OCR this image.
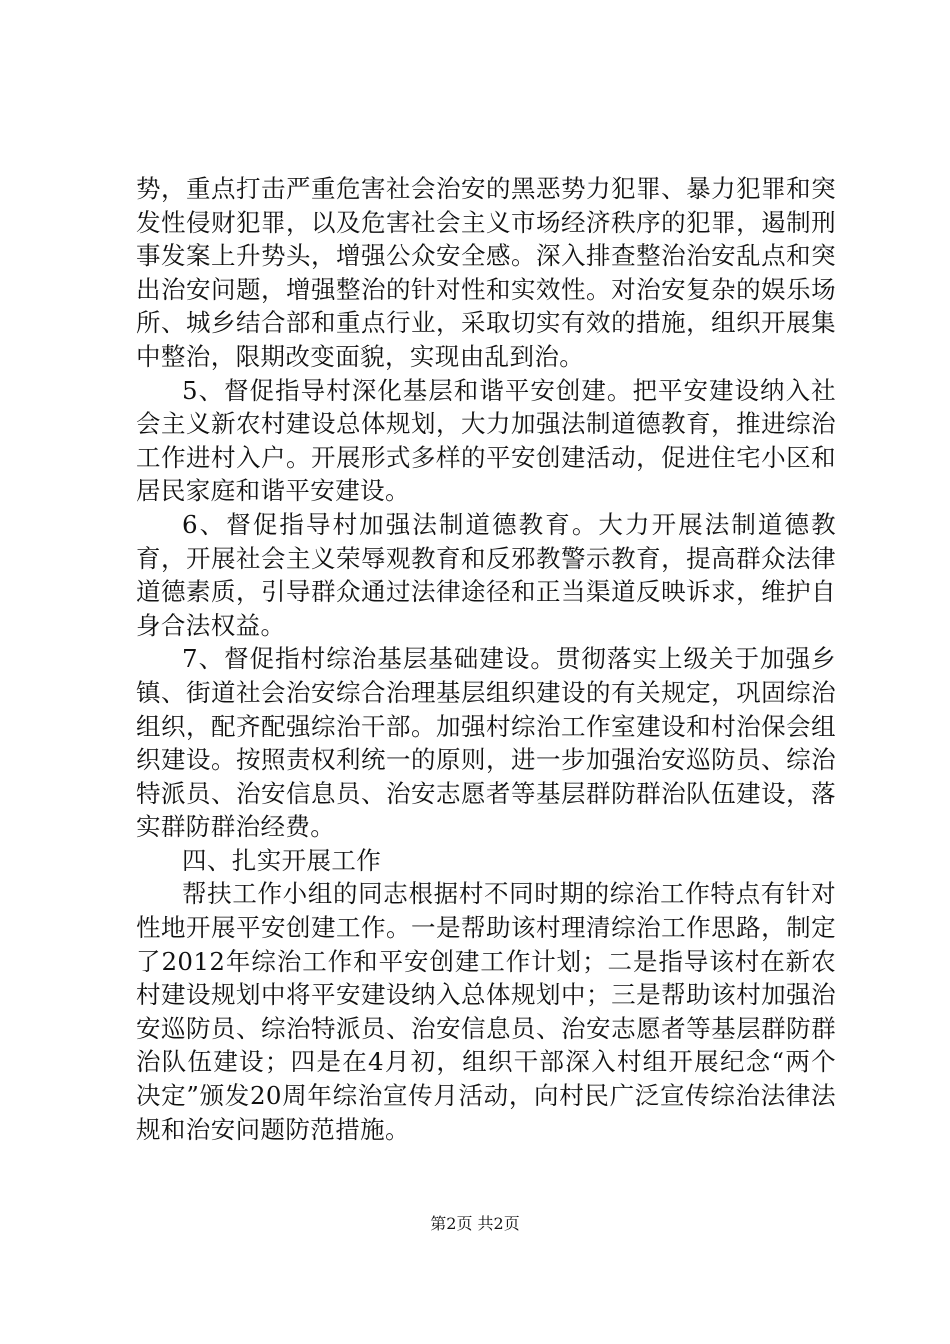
势，重点打击严重危害社会治安的黑恶势力犯罪、暴力犯罪和突发性侵财犯罪，以及危害社会主义市场经济秩序的犯罪，遏制刑事发案上升势头，增强公众安全感。深入排查整治治安乱点和突出治安问题，增强整治的针对性和实效性。对治安复杂的娱乐场所、城乡结合部和重点行业，采取切实有效的措施，组织开展集中整治，限期改变面貌，实现由乱到治。

5、督促指导村深化基层和谐平安创建。把平安建设纳入社会主义新农村建设总体规划，大力加强法制道德教育，推进综治工作进村入户。开展形式多样的平安创建活动，促进住宅小区和居民家庭和谐平安建设。

6、督促指导村加强法制道德教育。大力开展法制道德教育，开展社会主义荣辱观教育和反邪教警示教育，提高群众法律道德素质，引导群众通过法律途径和正当渠道反映诉求，维护自身合法权益。

7、督促指村综治基层基础建设。贯彻落实上级关于加强乡镇、街道社会治安综合治理基层组织建设的有关规定，巩固综治组织，配齐配强综治干部。加强村综治工作室建设和村治保会组织建设。按照责权利统一的原则，进一步加强治安巡防员、综治特派员、治安信息员、治安志愿者等基层群防群治队伍建设，落实群防群治经费。

四、扎实开展工作

帮扶工作小组的同志根据村不同时期的综治工作特点有针对性地开展平安创建工作。一是帮助该村理清综治工作思路，制定了2012年综治工作和平安创建工作计划；二是指导该村在新农村建设规划中将平安建设纳入总体规划中；三是帮助该村加强治安巡防员、综治特派员、治安信息员、治安志愿者等基层群防群治队伍建设；四是在4月初，组织干部深入村组开展纪念“两个决定”颁发20周年综治宣传月活动，向村民广泛宣传综治法律法规和治安问题防范措施。

第2页 共2页
